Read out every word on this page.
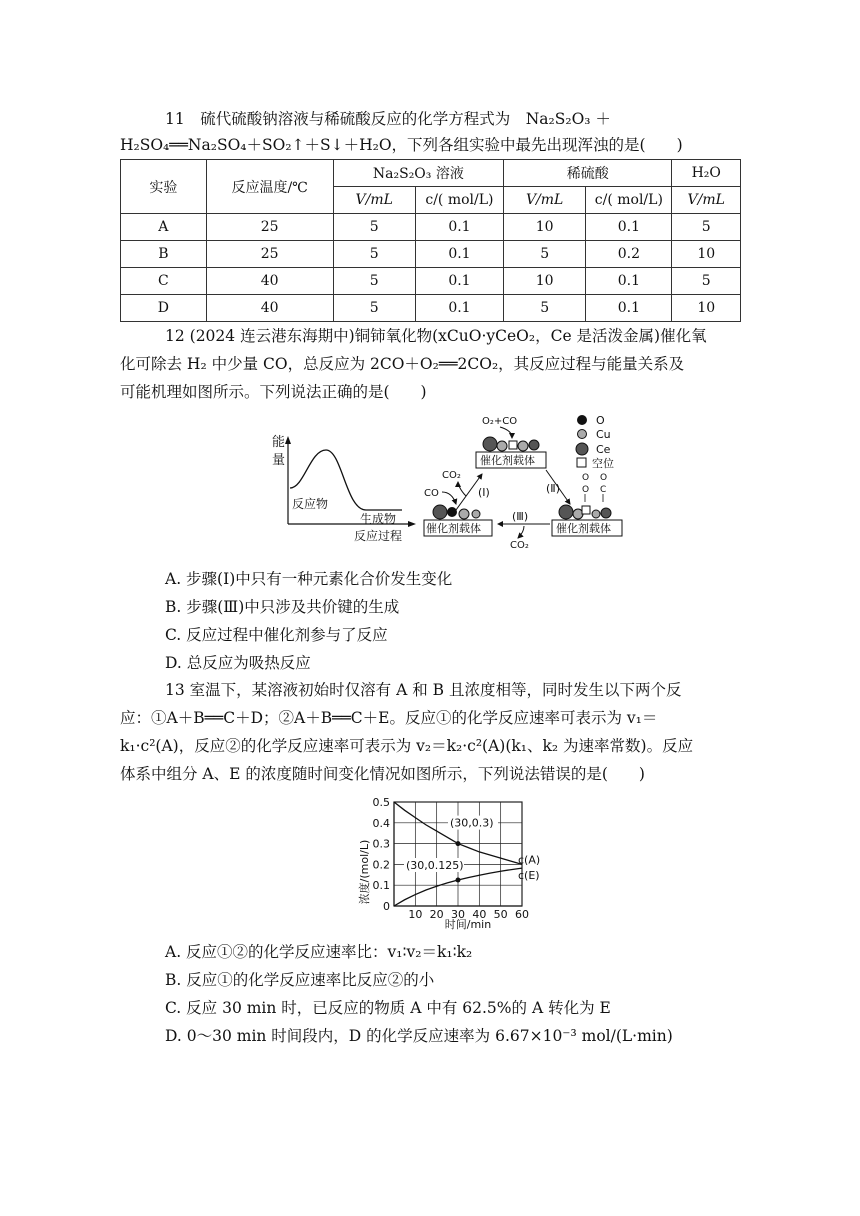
11　硫代硫酸钠溶液与稀硫酸反应的化学方程式为　Na₂S₂O₃ ＋
H₂SO₄══Na₂SO₄＋SO₂↑＋S↓＋H₂O，下列各组实验中最先出现浑浊的是(　　)
实验	反应温度/℃	Na₂S₂O₃ 溶液		稀硫酸		H₂O
		V/mL	c/( mol/L)	V/mL	c/( mol/L)	V/mL
A	25	5	0.1	10	0.1	5
B	25	5	0.1	5	0.2	10
C	40	5	0.1	10	0.1	5
D	40	5	0.1	5	0.1	10
12 (2024 连云港东海期中)铜铈氧化物(xCuO·yCeO₂，Ce 是活泼金属)催化氧
化可除去 H₂ 中少量 CO，总反应为 2CO＋O₂══2CO₂，其反应过程与能量关系及
可能机理如图所示。下列说法正确的是(　　)
能
量
反应物
生成物
反应过程
O₂+CO
催化剂载体
O
Cu
Ce
空位
CO₂
(Ⅰ)
CO	(Ⅱ)
催化剂载体
(Ⅲ)
CO₂
O
O
O
C
催化剂载体
A. 步骤(Ⅰ)中只有一种元素化合价发生变化
B. 步骤(Ⅲ)中只涉及共价键的生成
C. 反应过程中催化剂参与了反应
D. 总反应为吸热反应
13 室温下，某溶液初始时仅溶有 A 和 B 且浓度相等，同时发生以下两个反
应：①A＋B══C＋D；②A＋B══C＋E。反应①的化学反应速率可表示为 v₁＝
k₁·c²(A)，反应②的化学反应速率可表示为 v₂＝k₂·c²(A)(k₁、k₂ 为速率常数)。反应
体系中组分 A、E 的浓度随时间变化情况如图所示，下列说法错误的是(　　)
10 20 30 40 50 60
0
0.1
0.2
0.3
0.4
0.5
c(A)
c(E)
(30,0.3)
(30,0.125)
浓度/(mol/L)
时间/min
A. 反应①②的化学反应速率比：v₁∶v₂＝k₁∶k₂
B. 反应①的化学反应速率比反应②的小
C. 反应 30 min 时，已反应的物质 A 中有 62.5%的 A 转化为 E
D. 0～30 min 时间段内，D 的化学反应速率为 6.67×10⁻³ mol/(L·min)
